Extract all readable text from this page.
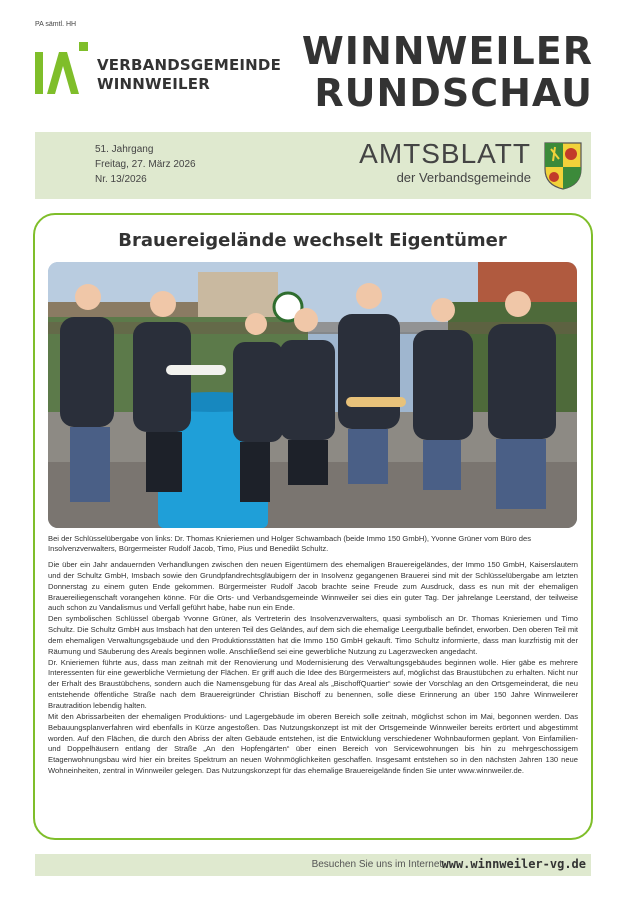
PA sämtl. HH
VERBANDSGEMEINDE
WINNWEILER
WINNWEILER
RUNDSCHAU
51. Jahrgang
Freitag, 27. März 2026
Nr. 13/2026
AMTSBLATT
der Verbandsgemeinde
Brauereigelände wechselt Eigentümer
Bei der Schlüsselübergabe von links: Dr. Thomas Knieriemen und Holger Schwambach (beide Immo 150 GmbH), Yvonne Grüner vom Büro des Insolvenzverwalters, Bürgermeister Rudolf Jacob, Timo, Pius und Benedikt Schultz.

Die über ein Jahr andauernden Verhandlungen zwischen den neuen Eigentümern des ehemaligen Brauereigeländes, der Immo 150 GmbH, Kaiserslautern und der Schultz GmbH, Imsbach sowie den Grundpfandrechtsgläubigern der in Insolvenz gegangenen Brauerei sind mit der Schlüsselübergabe am letzten Donnerstag zu einem guten Ende gekommen. Bürgermeister Rudolf Jacob brachte seine Freude zum Ausdruck, dass es nun mit der ehemaligen Brauereiliegenschaft vorangehen könne. Für die Orts- und Verbandsgemeinde Winnweiler sei dies ein guter Tag. Der jahrelange Leerstand, der teilweise auch schon zu Vandalismus und Verfall geführt habe, habe nun ein Ende.

Den symbolischen Schlüssel übergab Yvonne Grüner, als Vertreterin des Insolvenzverwalters, quasi symbolisch an Dr. Thomas Knieriemen und Timo Schultz. Die Schultz GmbH aus Imsbach hat den unteren Teil des Geländes, auf dem sich die ehemalige Leergutballe befindet, erworben. Den oberen Teil mit dem ehemaligen Verwaltungsgebäude und den Produktionsstätten hat die Immo 150 GmbH gekauft. Timo Schultz informierte, dass man kurzfristig mit der Räumung und Säuberung des Areals beginnen wolle. Anschließend sei eine gewerbliche Nutzung zu Lagerzwecken angedacht.

Dr. Knieriemen führte aus, dass man zeitnah mit der Renovierung und Modernisierung des Verwaltungsgebäudes beginnen wolle. Hier gäbe es mehrere Interessenten für eine gewerbliche Vermietung der Flächen. Er griff auch die Idee des Bürgermeisters auf, möglichst das Braustübchen zu erhalten. Nicht nur der Erhalt des Braustübchens, sondern auch die Namensgebung für das Areal als „BischoffQuartier“ sowie der Vorschlag an den Ortsgemeinderat, die neu entstehende öffentliche Straße nach dem Brauereigründer Christian Bischoff zu benennen, solle diese Erinnerung an über 150 Jahre Winnweilerer Brautradition lebendig halten.

Mit den Abrissarbeiten der ehemaligen Produktions- und Lagergebäude im oberen Bereich solle zeitnah, möglichst schon im Mai, begonnen werden. Das Bebauungsplanverfahren wird ebenfalls in Kürze angestoßen. Das Nutzungskonzept ist mit der Ortsgemeinde Winnweiler bereits erörtert und abgestimmt worden. Auf den Flächen, die durch den Abriss der alten Gebäude entstehen, ist die Entwicklung verschiedener Wohnbauformen geplant. Von Einfamilien- und Doppelhäusern entlang der Straße „An den Hopfengärten“ über einen Bereich von Servicewohnungen bis hin zu mehrgeschossigem Etagenwohnungsbau wird hier ein breites Spektrum an neuen Wohnmöglichkeiten geschaffen. Insgesamt entstehen so in den nächsten Jahren 130 neue Wohneinheiten, zentral in Winnweiler gelegen. Das Nutzungskonzept für das ehemalige Brauereigelände finden Sie unter www.winnweiler.de.

Besuchen Sie uns im Internet:
www.winnweiler-vg.de
